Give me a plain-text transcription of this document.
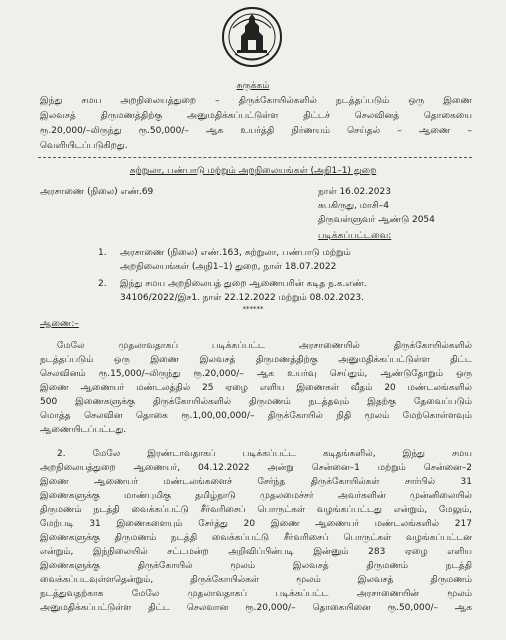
சுருக்கம்
இந்து சமய அறநிலையத்துறை – திருக்கோயில்களில் நடத்தப்படும் ஒரு இணை
இலவசத் திருமணத்திற்கு அனுமதிக்கப்பட்டுள்ள திட்டச் செலவினத் தொகையை
ரூ.20,000/–லிருந்து ரூ.50,000/– ஆக உயர்த்தி நிர்ணயம் செய்தல் – ஆணை –
வெளியிடப்படுகிறது.
சுற்றுலா, பண்பாடு மற்றும் அறநிலையங்கள் (அநி1–1) துறை
அரசாணை (நிலை) எண்.69	நாள் 16.02.2023
சுபகிருது, மாசி–4
திருவள்ளுவர் ஆண்டு 2054
படிக்கப்பட்டவை:
1. அரசாணை (நிலை) எண்.163, சுற்றுலா, பண்பாடு மற்றும்
அறநிலையங்கள் (அநி1–1) துறை, நாள் 18.07.2022
2. இந்து சமய அறநிலையத் துறை ஆணையரின் கடித ந.க.எண்.
34106/2022/இச1. நாள் 22.12.2022 மற்றும் 08.02.2023.
******
ஆணை:–
மேலே முதலாவதாகப் படிக்கப்பட்ட அரசாணையில் திருக்கோயில்களில்
நடத்தப்படும் ஒரு இணை இலவசத் திருமணத்திற்கு அனுமதிக்கப்பட்டுள்ள திட்ட
செலவினம் ரூ.15,000/–லிருந்து ரூ.20,000/– ஆக உயர்வு செய்தும், ஆண்டுதோறும் ஒரு
இணை ஆணையர் மண்டலத்தில் 25 ஏழை எளிய இணைகள் வீதம் 20 மண்டலங்களில்
500 இணைகளுக்கு திருக்கோயில்களில் திருமணம் நடத்தவும் இதற்கு தேவைப்படும்
மொத்த செலவின தொகை ரூ.1,00,00,000/– திருக்கோயில் நிதி மூலம் மேற்கொள்ளவும்
ஆணையிடப்பட்டது.
2. மேலே இரண்டாவதாகப் படிக்கப்பட்ட கடிதங்களில், இந்து சமய
அறநிலையத்துறை ஆணையர், 04.12.2022 அன்று சென்னை–1 மற்றும் சென்னை–2
இணை ஆணையர் மண்டலங்களைச் சேர்ந்த திருக்கோயில்கள் சார்பில் 31
இணைகளுக்கு மாண்புமிகு தமிழ்நாடு முதலமைச்சர் அவர்களின் முன்னிலையில்
திருமணம் நடத்தி வைக்கப்பட்டு சீர்வரிசைப் பொருட்கள் வழங்கப்பட்டது என்றும், மேலும்,
மேற்படி 31 இணைகளையும் சேர்த்து 20 இணை ஆணையர் மண்டலங்களில் 217
இணைகளுக்கு திருமணம் நடத்தி வைக்கப்பட்டு சீர்வரிசைப் பொருட்கள் வழங்கப்பட்டன
என்றும், இந்நிலையில் சட்டமன்ற அறிவிப்பின்படி இன்னும் 283 ஏழை எளிய
இணைகளுக்கு திருக்கோயில் மூலம் இலவசத் திருமணம் நடத்தி
வைக்கப்படவுள்ளதென்றும், திருக்கோயில்கள் மூலம் இலவசத் திருமணம்
நடத்துவதற்காக மேலே முதலாவதாகப் படிக்கப்பட்ட அரசாணையின் மூலம்
அனுமதிக்கப்பட்டுள்ள திட்ட செலவான ரூ.20,000/– தொகையினை ரூ.50,000/– ஆக
